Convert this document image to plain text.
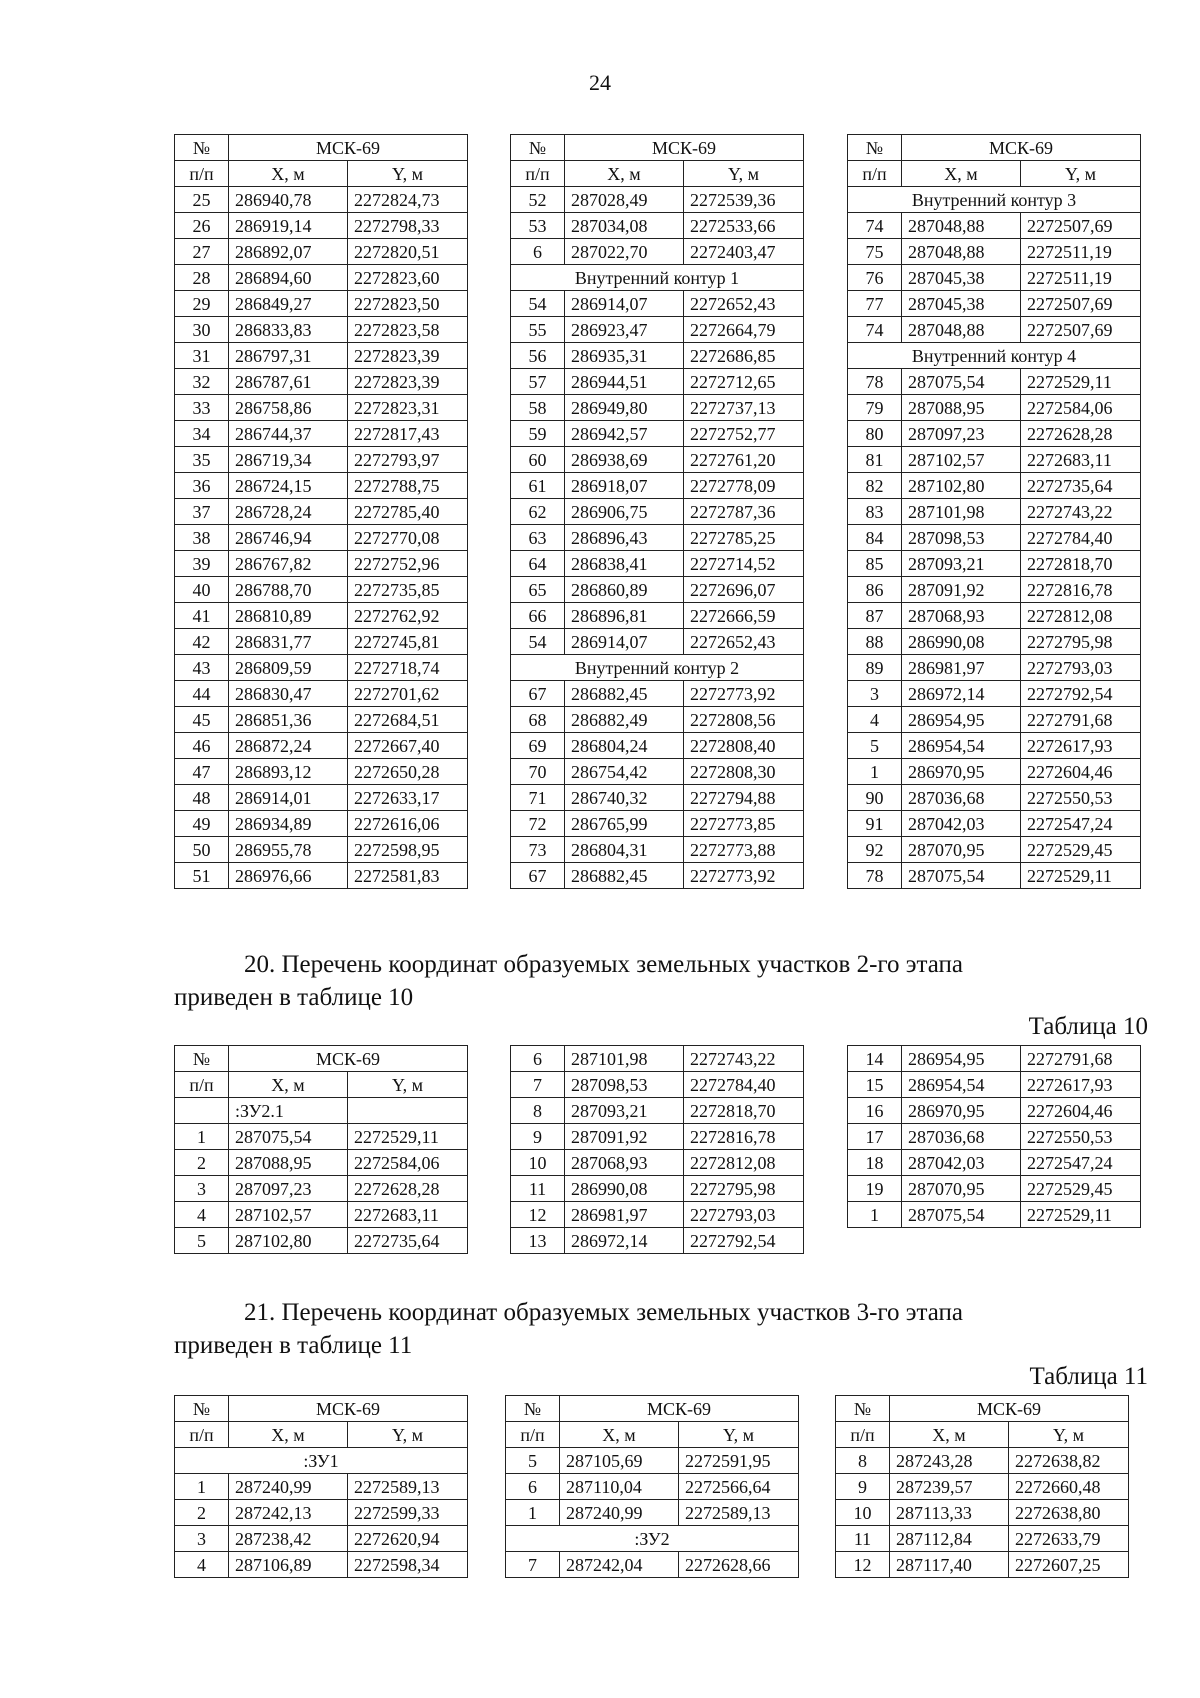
24
№	МСК-69	
п/п	Х, м	Y, м
25	286940,78	2272824,73
26	286919,14	2272798,33
27	286892,07	2272820,51
28	286894,60	2272823,60
29	286849,27	2272823,50
30	286833,83	2272823,58
31	286797,31	2272823,39
32	286787,61	2272823,39
33	286758,86	2272823,31
34	286744,37	2272817,43
35	286719,34	2272793,97
36	286724,15	2272788,75
37	286728,24	2272785,40
38	286746,94	2272770,08
39	286767,82	2272752,96
40	286788,70	2272735,85
41	286810,89	2272762,92
42	286831,77	2272745,81
43	286809,59	2272718,74
44	286830,47	2272701,62
45	286851,36	2272684,51
46	286872,24	2272667,40
47	286893,12	2272650,28
48	286914,01	2272633,17
49	286934,89	2272616,06
50	286955,78	2272598,95
51	286976,66	2272581,83
№	МСК-69	
п/п	Х, м	Y, м
52	287028,49	2272539,36
53	287034,08	2272533,66
6	287022,70	2272403,47
Внутренний контур 1		
54	286914,07	2272652,43
55	286923,47	2272664,79
56	286935,31	2272686,85
57	286944,51	2272712,65
58	286949,80	2272737,13
59	286942,57	2272752,77
60	286938,69	2272761,20
61	286918,07	2272778,09
62	286906,75	2272787,36
63	286896,43	2272785,25
64	286838,41	2272714,52
65	286860,89	2272696,07
66	286896,81	2272666,59
54	286914,07	2272652,43
Внутренний контур 2		
67	286882,45	2272773,92
68	286882,49	2272808,56
69	286804,24	2272808,40
70	286754,42	2272808,30
71	286740,32	2272794,88
72	286765,99	2272773,85
73	286804,31	2272773,88
67	286882,45	2272773,92
№	МСК-69	
п/п	Х, м	Y, м
Внутренний контур 3		
74	287048,88	2272507,69
75	287048,88	2272511,19
76	287045,38	2272511,19
77	287045,38	2272507,69
74	287048,88	2272507,69
Внутренний контур 4		
78	287075,54	2272529,11
79	287088,95	2272584,06
80	287097,23	2272628,28
81	287102,57	2272683,11
82	287102,80	2272735,64
83	287101,98	2272743,22
84	287098,53	2272784,40
85	287093,21	2272818,70
86	287091,92	2272816,78
87	287068,93	2272812,08
88	286990,08	2272795,98
89	286981,97	2272793,03
3	286972,14	2272792,54
4	286954,95	2272791,68
5	286954,54	2272617,93
1	286970,95	2272604,46
90	287036,68	2272550,53
91	287042,03	2272547,24
92	287070,95	2272529,45
78	287075,54	2272529,11
20. Перечень координат образуемых земельных участков 2-го этапа
приведен в таблице 10
Таблица 10
№	МСК-69	
п/п	Х, м	Y, м
	:ЗУ2.1	
1	287075,54	2272529,11
2	287088,95	2272584,06
3	287097,23	2272628,28
4	287102,57	2272683,11
5	287102,80	2272735,64
6	287101,98	2272743,22
7	287098,53	2272784,40
8	287093,21	2272818,70
9	287091,92	2272816,78
10	287068,93	2272812,08
11	286990,08	2272795,98
12	286981,97	2272793,03
13	286972,14	2272792,54
14	286954,95	2272791,68
15	286954,54	2272617,93
16	286970,95	2272604,46
17	287036,68	2272550,53
18	287042,03	2272547,24
19	287070,95	2272529,45
1	287075,54	2272529,11
21. Перечень координат образуемых земельных участков 3-го этапа
приведен в таблице 11
Таблица 11
№	МСК-69	
п/п	Х, м	Y, м
:ЗУ1		
1	287240,99	2272589,13
2	287242,13	2272599,33
3	287238,42	2272620,94
4	287106,89	2272598,34
№	МСК-69	
п/п	Х, м	Y, м
5	287105,69	2272591,95
6	287110,04	2272566,64
1	287240,99	2272589,13
:ЗУ2		
7	287242,04	2272628,66
№	МСК-69	
п/п	Х, м	Y, м
8	287243,28	2272638,82
9	287239,57	2272660,48
10	287113,33	2272638,80
11	287112,84	2272633,79
12	287117,40	2272607,25
